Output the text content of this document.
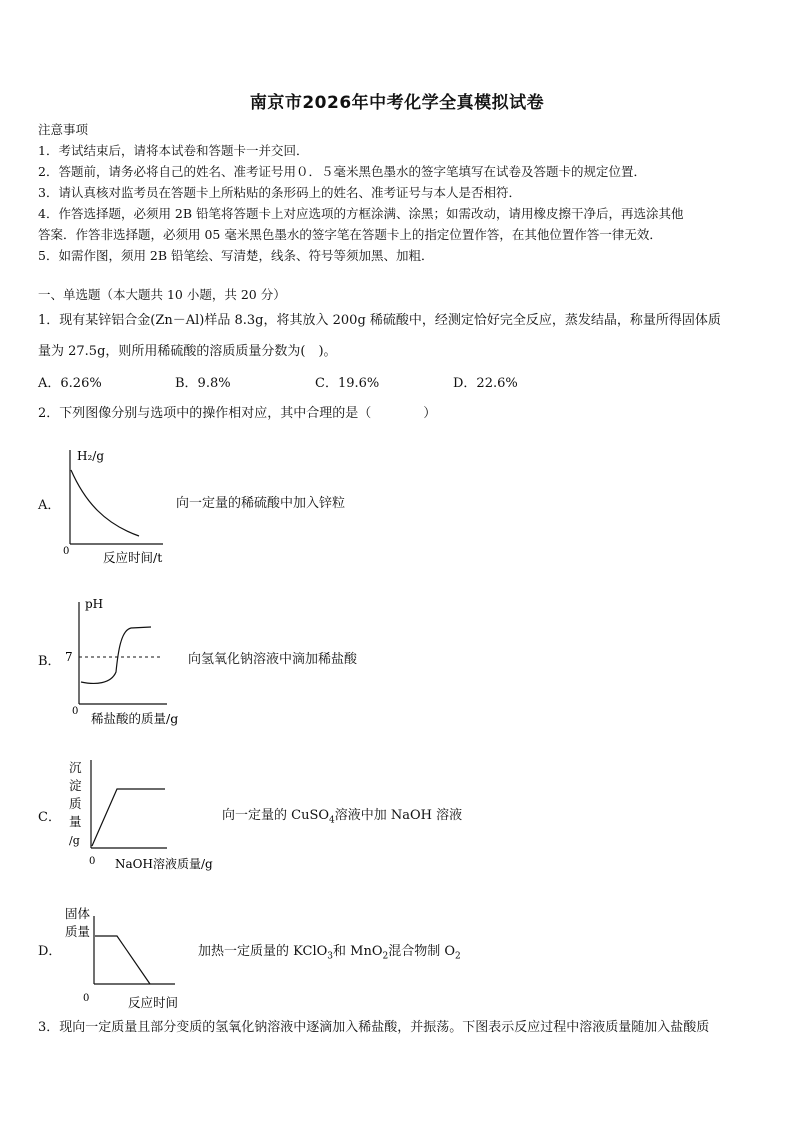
南京市2026年中考化学全真模拟试卷
注意事项
1．考试结束后，请将本试卷和答题卡一并交回．
2．答题前，请务必将自己的姓名、准考证号用０．５毫米黑色墨水的签字笔填写在试卷及答题卡的规定位置．
3．请认真核对监考员在答题卡上所粘贴的条形码上的姓名、准考证号与本人是否相符．
4．作答选择题，必须用 2B 铅笔将答题卡上对应选项的方框涂满、涂黑；如需改动，请用橡皮擦干净后，再选涂其他
答案．作答非选择题，必须用 05 毫米黑色墨水的签字笔在答题卡上的指定位置作答，在其他位置作答一律无效．
5．如需作图，须用 2B 铅笔绘、写清楚，线条、符号等须加黑、加粗．
一、单选题（本大题共 10 小题，共 20 分）
1．现有某锌铝合金(Zn－Al)样品 8.3g，将其放入 200g 稀硫酸中，经测定恰好完全反应，蒸发结晶，称量所得固体质
量为 27.5g，则所用稀硫酸的溶质质量分数为(　)。
A．6.26%	B．9.8%	C．19.6%	D．22.6%
2．下列图像分别与选项中的操作相对应，其中合理的是（　　　　）
A．
H₂/g
0	反应时间/t
向一定量的稀硫酸中加入锌粒
B．
pH
7
0 稀盐酸的质量/g
向氢氧化钠溶液中滴加稀盐酸
C．
沉
淀
质
量
/g
0 NaOH溶液质量/g
向一定量的 CuSO$_4$溶液中加 NaOH 溶液
D．
固体
质量
0	反应时间
加热一定质量的 KClO$_3$和 MnO$_2$混合物制 $O_2$
3．现向一定质量且部分变质的氢氧化钠溶液中逐滴加入稀盐酸，并振荡。下图表示反应过程中溶液质量随加入盐酸质
